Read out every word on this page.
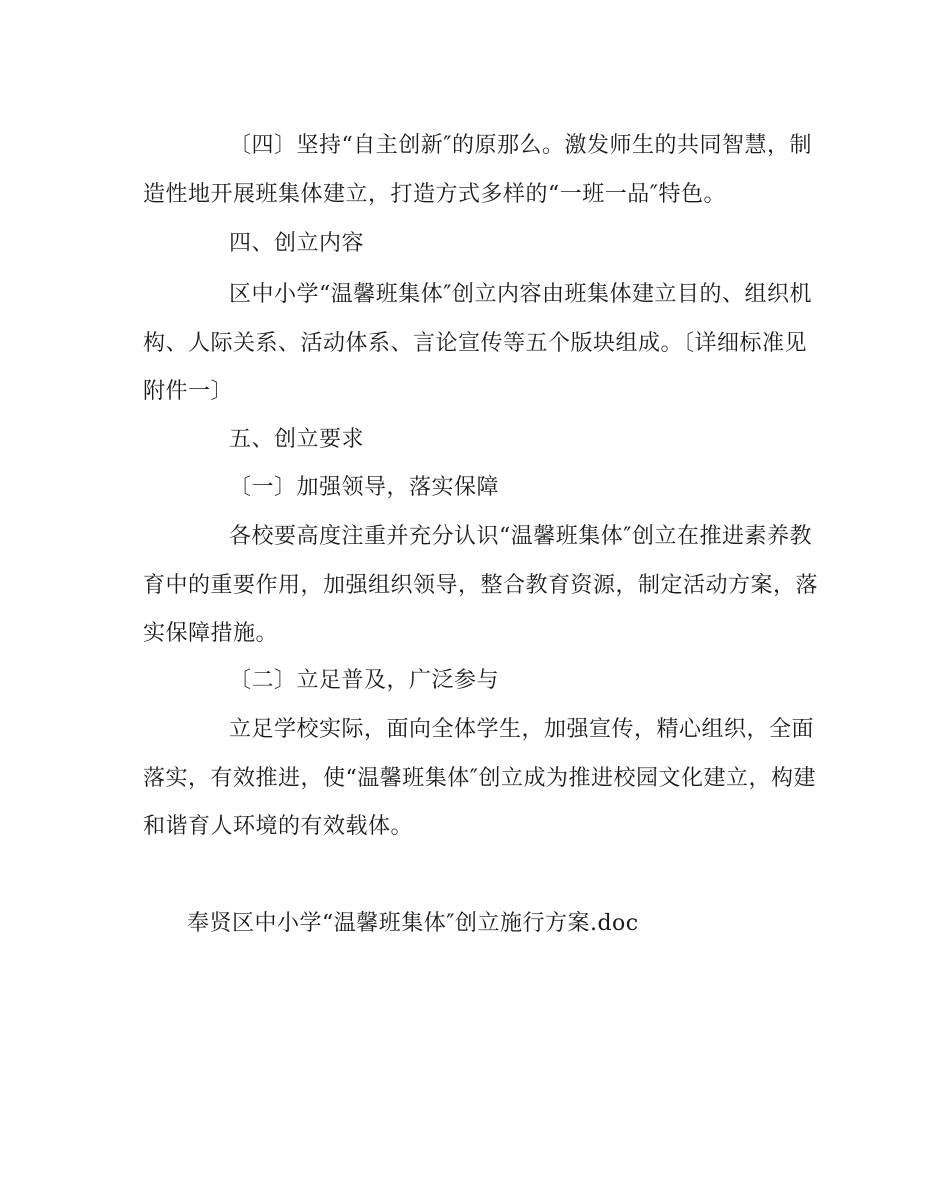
〔四〕坚持“自主创新″的原那么。激发师生的共同智慧，制
造性地开展班集体建立，打造方式多样的“一班一品″特色。
四、创立内容
区中小学“温馨班集体″创立内容由班集体建立目的、组织机
构、人际关系、活动体系、言论宣传等五个版块组成。〔详细标准见
附件一〕
五、创立要求
〔一〕加强领导，落实保障
各校要高度注重并充分认识“温馨班集体″创立在推进素养教
育中的重要作用，加强组织领导，整合教育资源，制定活动方案，落
实保障措施。
〔二〕立足普及，广泛参与
立足学校实际，面向全体学生，加强宣传，精心组织，全面
落实，有效推进，使“温馨班集体″创立成为推进校园文化建立，构建
和谐育人环境的有效载体。
奉贤区中小学“温馨班集体″创立施行方案.doc
